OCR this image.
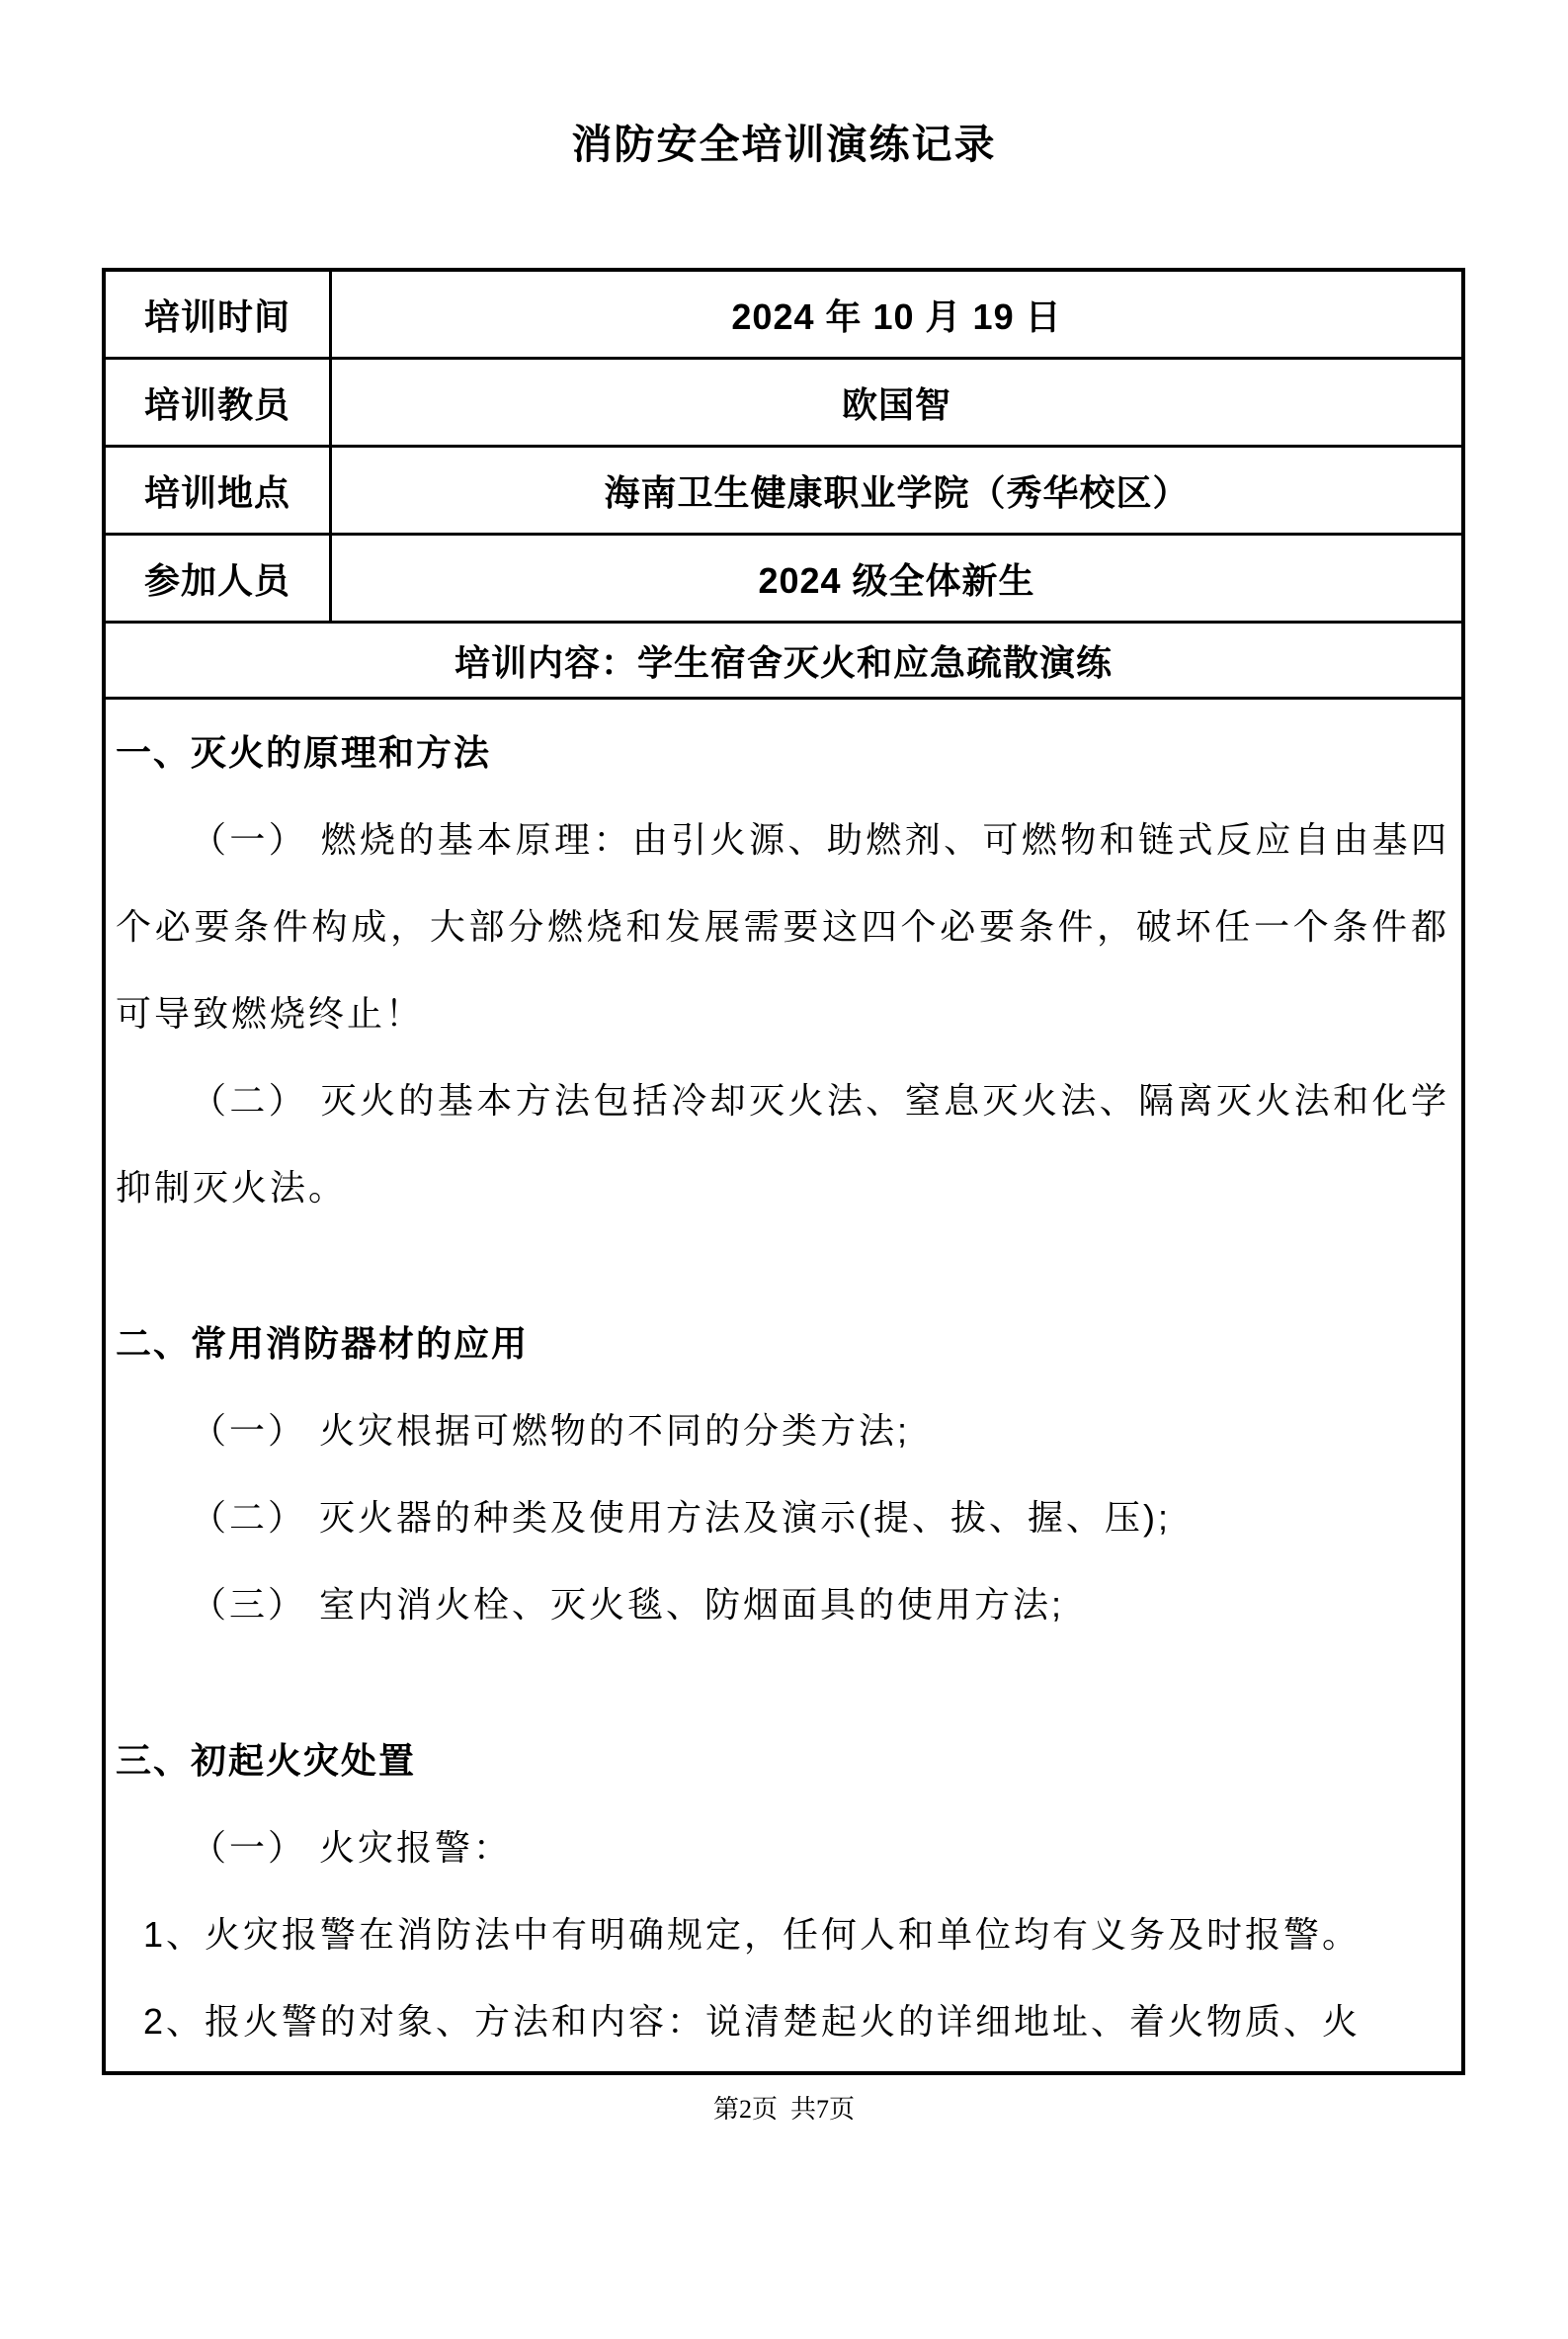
消防安全培训演练记录
培训时间	2024 年 10 月 19 日
培训教员	欧国智
培训地点	海南卫生健康职业学院（秀华校区）
参加人员	2024 级全体新生
培训内容：学生宿舍灭火和应急疏散演练	

一、灭火的原理和方法

（一） 燃烧的基本原理：由引火源、助燃剂、可燃物和链式反应自由基四个必要条件构成，大部分燃烧和发展需要这四个必要条件，破坏任一个条件都可导致燃烧终止！

（二） 灭火的基本方法包括冷却灭火法、窒息灭火法、隔离灭火法和化学抑制灭火法。

二、常用消防器材的应用

（一） 火灾根据可燃物的不同的分类方法;

（二） 灭火器的种类及使用方法及演示(提、拔、握、压);

（三） 室内消火栓、灭火毯、防烟面具的使用方法;

三、初起火灾处置

（一） 火灾报警：

1、火灾报警在消防法中有明确规定，任何人和单位均有义务及时报警。

2、报火警的对象、方法和内容：说清楚起火的详细地址、着火物质、火

第2页  共7页
